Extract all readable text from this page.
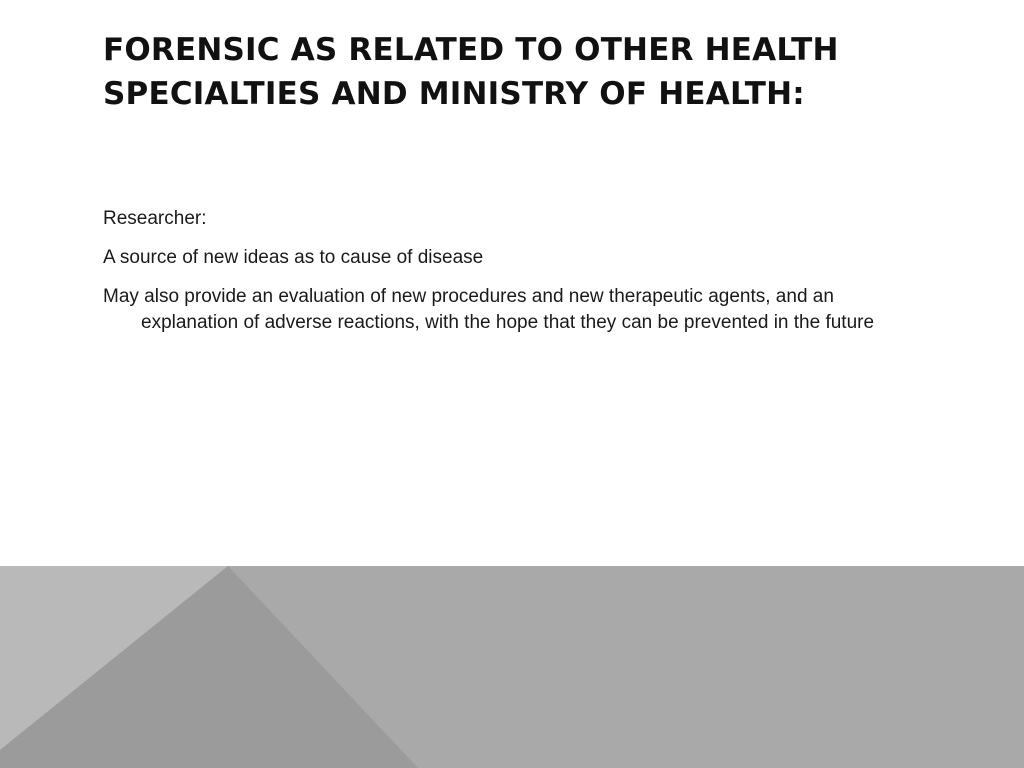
FORENSIC AS RELATED TO OTHER HEALTH SPECIALTIES AND MINISTRY OF HEALTH:

Researcher:

A source of new ideas as to cause of disease

May also provide an evaluation of new procedures and new therapeutic agents, and an explanation of adverse reactions, with the hope that they can be prevented in the future
